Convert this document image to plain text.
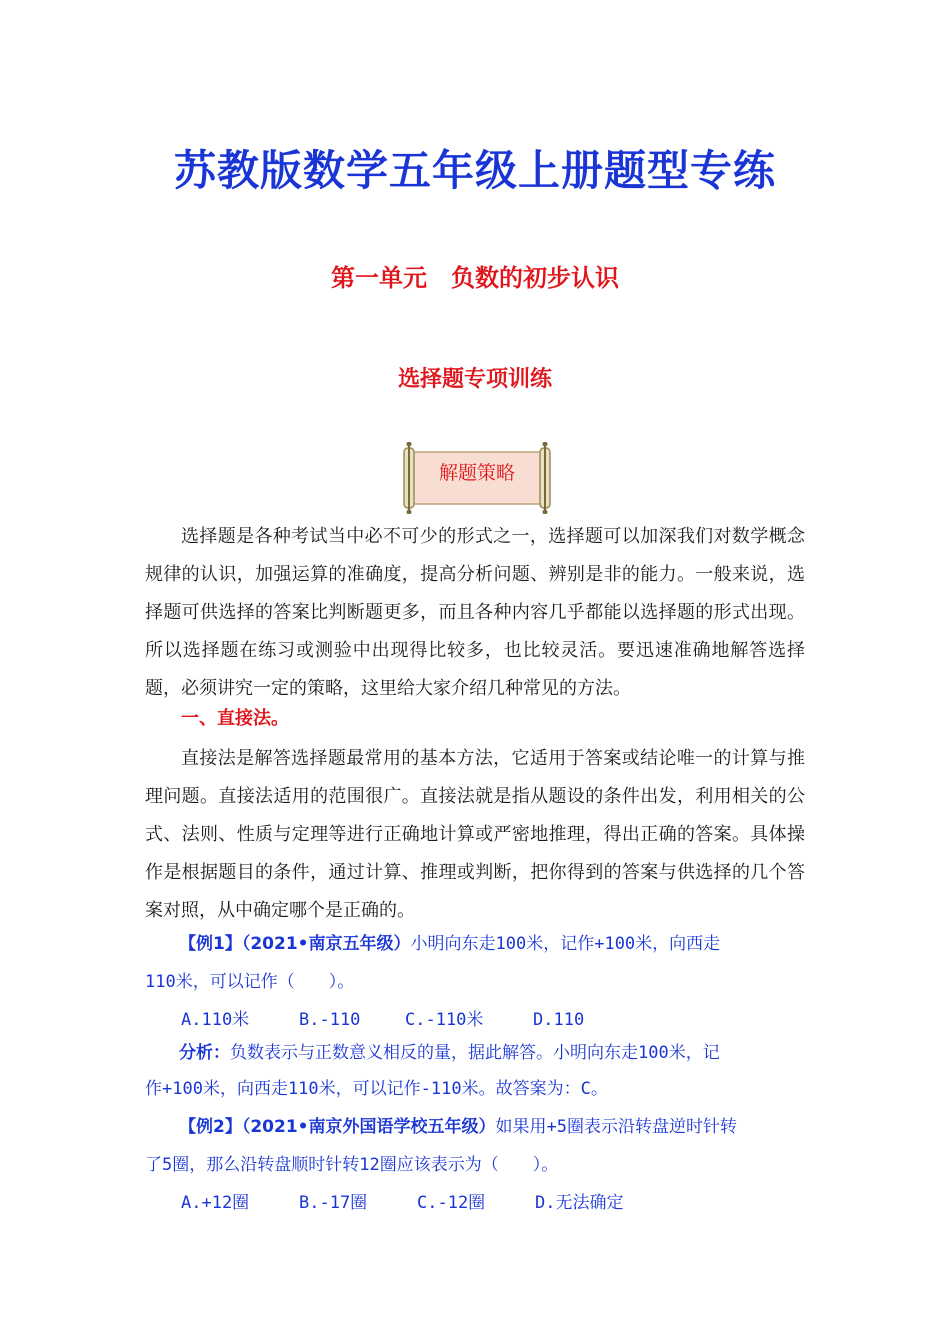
苏教版数学五年级上册题型专练
第一单元　负数的初步认识
选择题专项训练
解题策略

选择题是各种考试当中必不可少的形式之一，选择题可以加深我们对数学概念规律的认识，加强运算的准确度，提高分析问题、辨别是非的能力。一般来说，选择题可供选择的答案比判断题更多，而且各种内容几乎都能以选择题的形式出现。所以选择题在练习或测验中出现得比较多，也比较灵活。要迅速准确地解答选择题，必须讲究一定的策略，这里给大家介绍几种常见的方法。

一、直接法。

直接法是解答选择题最常用的基本方法，它适用于答案或结论唯一的计算与推理问题。直接法适用的范围很广。直接法就是指从题设的条件出发，利用相关的公式、法则、性质与定理等进行正确地计算或严密地推理，得出正确的答案。具体操作是根据题目的条件，通过计算、推理或判断，把你得到的答案与供选择的几个答案对照，从中确定哪个是正确的。

【例1】（2021•南京五年级）小明向东走100米，记作+100米，向西走
110米，可以记作（　　）。
A.110米	B.-110	C.-110米	D.110
分析：负数表示与正数意义相反的量，据此解答。小明向东走100米，记
作+100米，向西走110米，可以记作-110米。故答案为：C。
【例2】（2021•南京外国语学校五年级）如果用+5圈表示沿转盘逆时针转
了5圈，那么沿转盘顺时针转12圈应该表示为（　　）。
A.+12圈	B.-17圈	C.-12圈	D.无法确定
